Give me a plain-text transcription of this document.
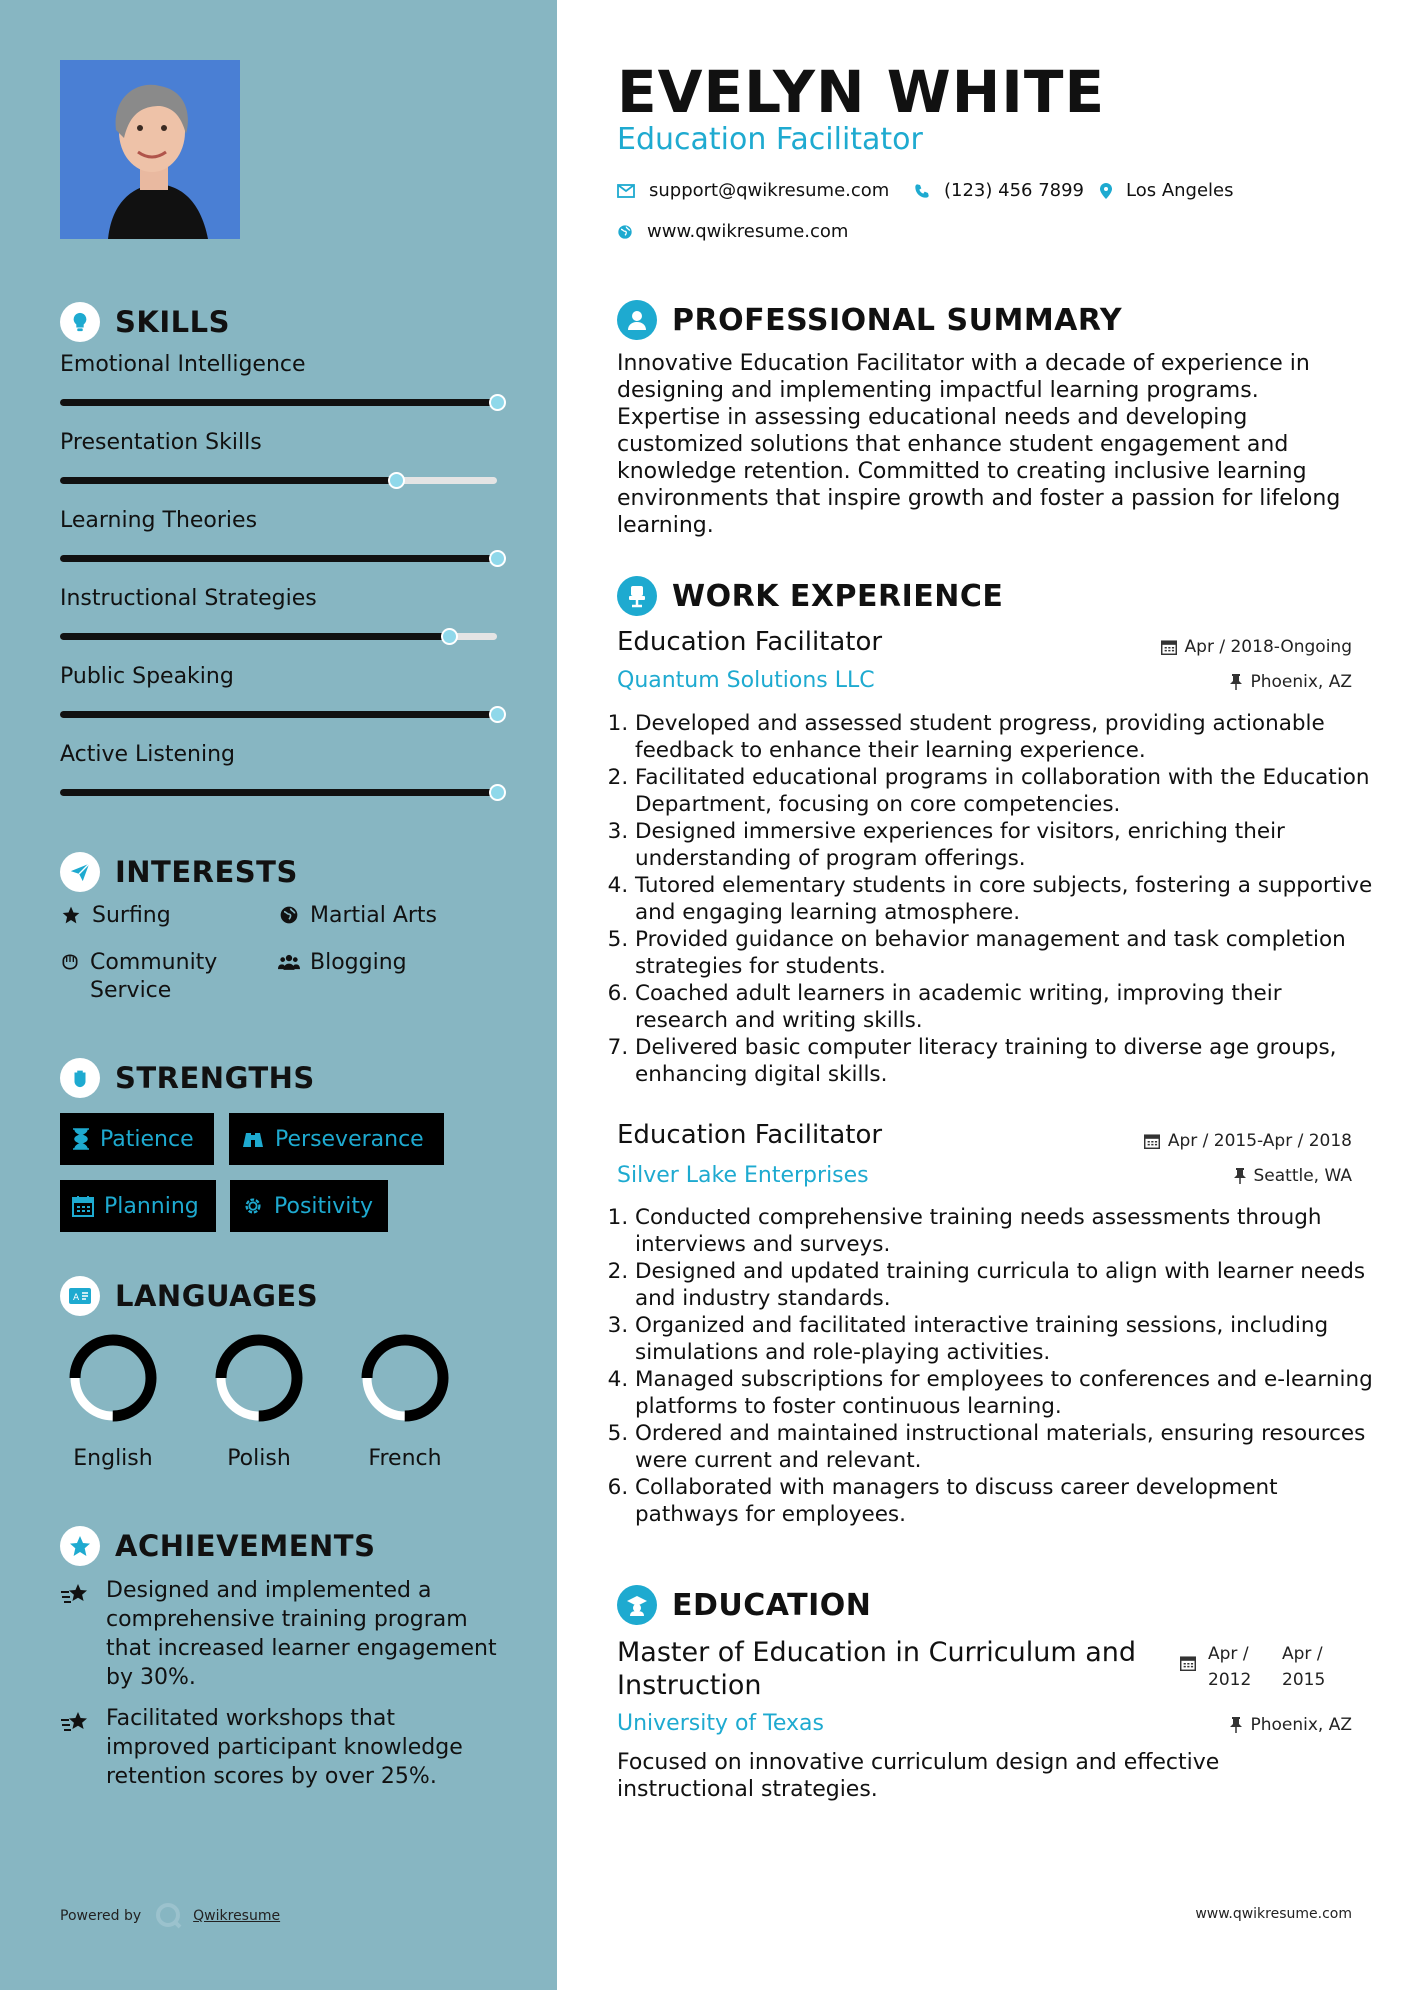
SKILLS
INTERESTS
Surfing	Martial Arts
Community Service
Blogging
STRENGTHS
Patience	Perseverance
Planning	Positivity
A LANGUAGES
ACHIEVEMENTS
Designed and implemented a comprehensive training program that increased learner engagement by 30%.
Facilitated workshops that improved participant knowledge retention scores by over 25%.
Powered by	Qwikresume
Emotional Intelligence
Presentation Skills
Learning Theories
Instructional Strategies
Public Speaking
Active Listening
English	Polish	French
EVELYN WHITE
Education Facilitator
support@qwikresume.com	(123) 456 7899 Los Angeles
www.qwikresume.com
PROFESSIONAL SUMMARY
Innovative Education Facilitator with a decade of experience in designing and implementing impactful learning programs. Expertise in assessing educational needs and developing customized solutions that enhance student engagement and knowledge retention. Committed to creating inclusive learning environments that inspire growth and foster a passion for lifelong learning.
WORK EXPERIENCE
Education Facilitator	Apr / 2018-Ongoing
Quantum Solutions LLC	Phoenix, AZ
1. Developed and assessed student progress, providing actionable feedback to enhance their learning experience.
2. Facilitated educational programs in collaboration with the Education Department, focusing on core competencies.
3. Designed immersive experiences for visitors, enriching their understanding of program offerings.
4. Tutored elementary students in core subjects, fostering a supportive and engaging learning atmosphere.
5. Provided guidance on behavior management and task completion strategies for students.
6. Coached adult learners in academic writing, improving their research and writing skills.
7. Delivered basic computer literacy training to diverse age groups, enhancing digital skills.
Education Facilitator	Apr / 2015-Apr / 2018
Silver Lake Enterprises	Seattle, WA
1. Conducted comprehensive training needs assessments through interviews and surveys.
2. Designed and updated training curricula to align with learner needs and industry standards.
3. Organized and facilitated interactive training sessions, including simulations and role-playing activities.
4. Managed subscriptions for employees to conferences and e-learning platforms to foster continuous learning.
5. Ordered and maintained instructional materials, ensuring resources were current and relevant.
6. Collaborated with managers to discuss career development pathways for employees.
EDUCATION
Master of Education in Curriculum and Instruction
Apr / 2012
Apr / 2015
University of Texas	Phoenix, AZ
Focused on innovative curriculum design and effective instructional strategies.
www.qwikresume.com
